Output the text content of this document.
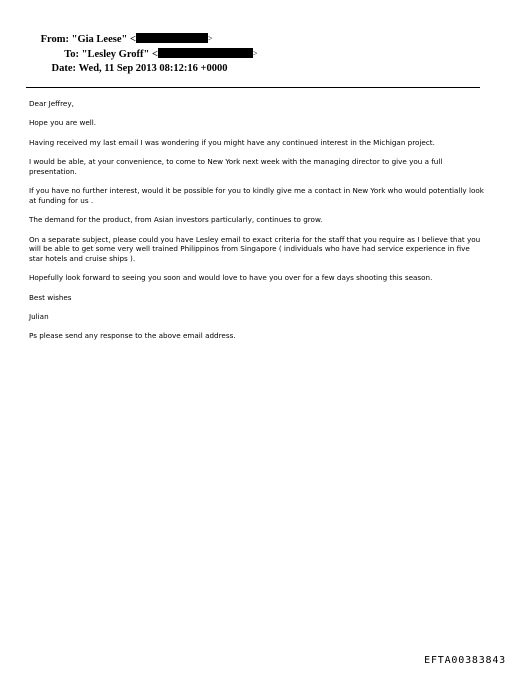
From: "Gia Leese" <	>
To: "Lesley Groff" <	>
Date: Wed, 11 Sep 2013 08:12:16 +0000

Dear Jeffrey,

Hope you are well.

Having received my last email I was wondering if you might have any continued interest in the Michigan project.

I would be able, at your convenience, to come to New York next week with the managing director to give you a full presentation.

If you have no further interest, would it be possible for you to kindly give me a contact in New York who would potentially look at funding for us .

The demand for the product, from Asian investors particularly, continues to grow.

On a separate subject, please could you have Lesley email to exact criteria for the staff that you require as I believe that you will be able to get some very well trained Philippinos from Singapore ( individuals who have had service experience in five star hotels and cruise ships ).

Hopefully look forward to seeing you soon and would love to have you over for a few days shooting this season.

Best wishes

Julian

Ps please send any response to the above email address.

EFTA00383843
